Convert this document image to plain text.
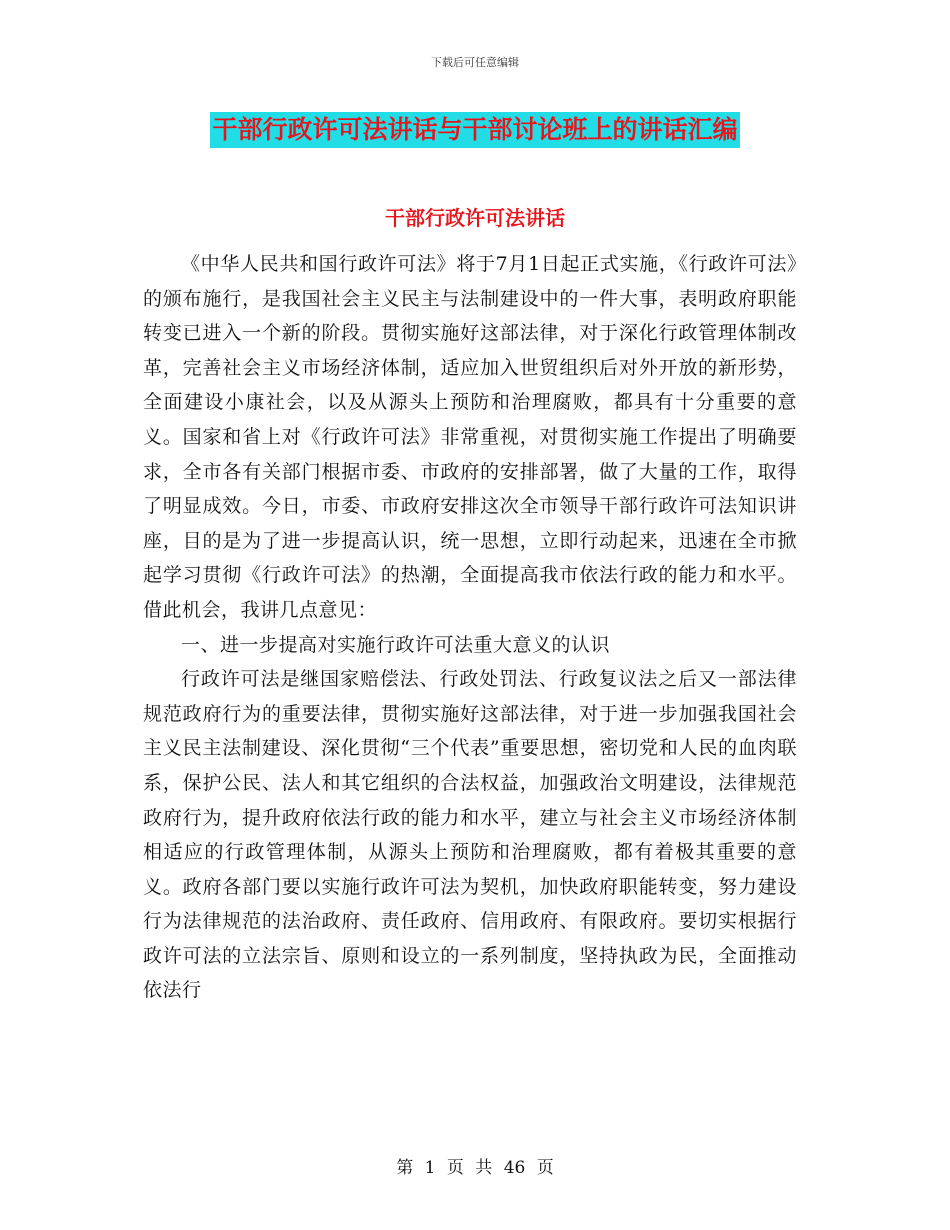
下载后可任意编辑
干部行政许可法讲话与干部讨论班上的讲话汇编
干部行政许可法讲话

《中华人民共和国行政许可法》将于7月1日起正式实施，《行政许可法》的颁布施行，是我国社会主义民主与法制建设中的一件大事，表明政府职能转变已进入一个新的阶段。贯彻实施好这部法律，对于深化行政管理体制改革，完善社会主义市场经济体制，适应加入世贸组织后对外开放的新形势，全面建设小康社会，以及从源头上预防和治理腐败，都具有十分重要的意义。国家和省上对《行政许可法》非常重视，对贯彻实施工作提出了明确要求，全市各有关部门根据市委、市政府的安排部署，做了大量的工作，取得了明显成效。今日，市委、市政府安排这次全市领导干部行政许可法知识讲座，目的是为了进一步提高认识，统一思想，立即行动起来，迅速在全市掀起学习贯彻《行政许可法》的热潮，全面提高我市依法行政的能力和水平。借此机会，我讲几点意见：

一、进一步提高对实施行政许可法重大意义的认识

行政许可法是继国家赔偿法、行政处罚法、行政复议法之后又一部法律规范政府行为的重要法律，贯彻实施好这部法律，对于进一步加强我国社会主义民主法制建设、深化贯彻“三个代表”重要思想，密切党和人民的血肉联系，保护公民、法人和其它组织的合法权益，加强政治文明建设，法律规范政府行为，提升政府依法行政的能力和水平，建立与社会主义市场经济体制相适应的行政管理体制，从源头上预防和治理腐败，都有着极其重要的意义。政府各部门要以实施行政许可法为契机，加快政府职能转变，努力建设行为法律规范的法治政府、责任政府、信用政府、有限政府。要切实根据行政许可法的立法宗旨、原则和设立的一系列制度，坚持执政为民，全面推动依法行

第 1 页 共 46 页
